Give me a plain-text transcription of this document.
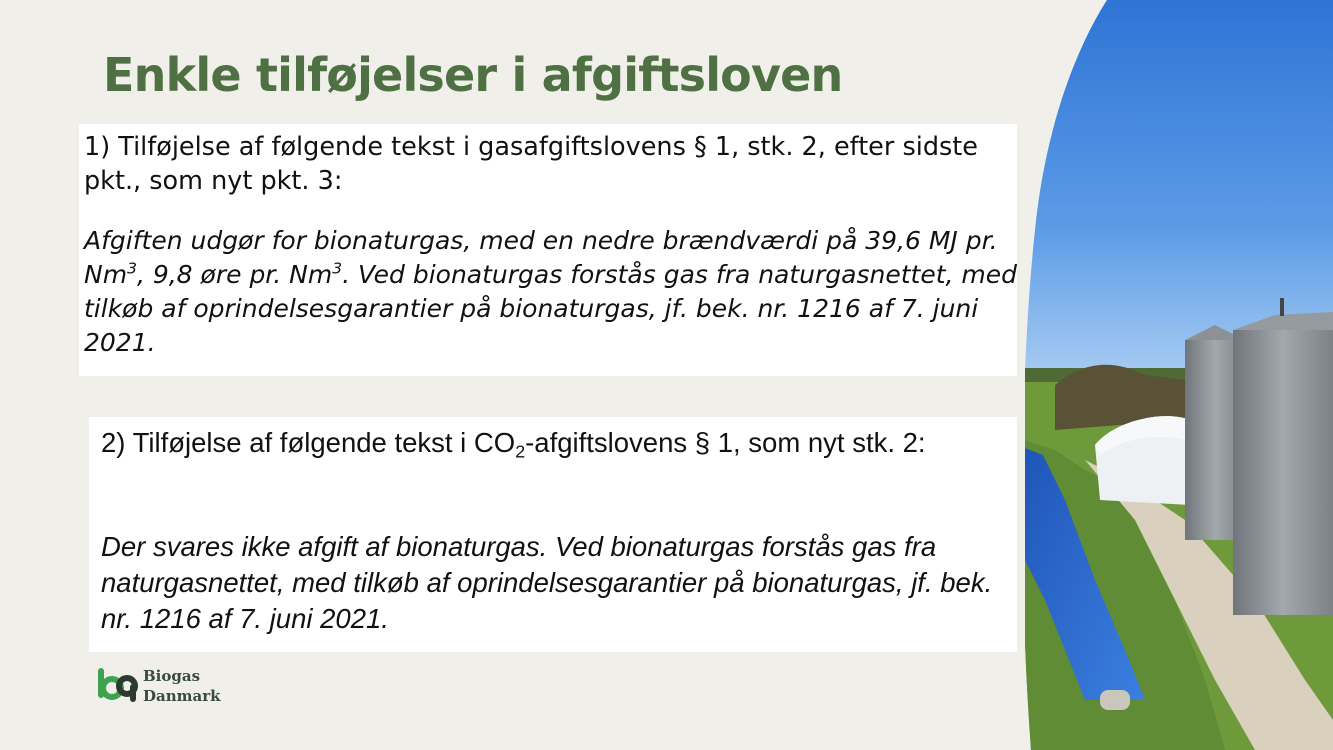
Enkle tilføjelser i afgiftsloven
1) Tilføjelse af følgende tekst i gasafgiftslovens § 1, stk. 2, efter sidste pkt., som nyt pkt. 3:
Afgiften udgør for bionaturgas, med en nedre brændværdi på 39,6 MJ pr. Nm$^3$, 9,8 øre pr. Nm$^3$. Ved bionaturgas forstås gas fra naturgasnettet, med tilkøb af oprindelsesgarantier på bionaturgas, jf. bek. nr. 1216 af 7. juni 2021.
2) Tilføjelse af følgende tekst i $CO_2$-afgiftslovens § 1, som nyt stk. 2:
Der svares ikke afgift af bionaturgas. Ved bionaturgas forstås gas fra naturgasnettet, med tilkøb af oprindelsesgarantier på bionaturgas, jf. bek. nr. 1216 af 7. juni 2021.
Biogas
Danmark
